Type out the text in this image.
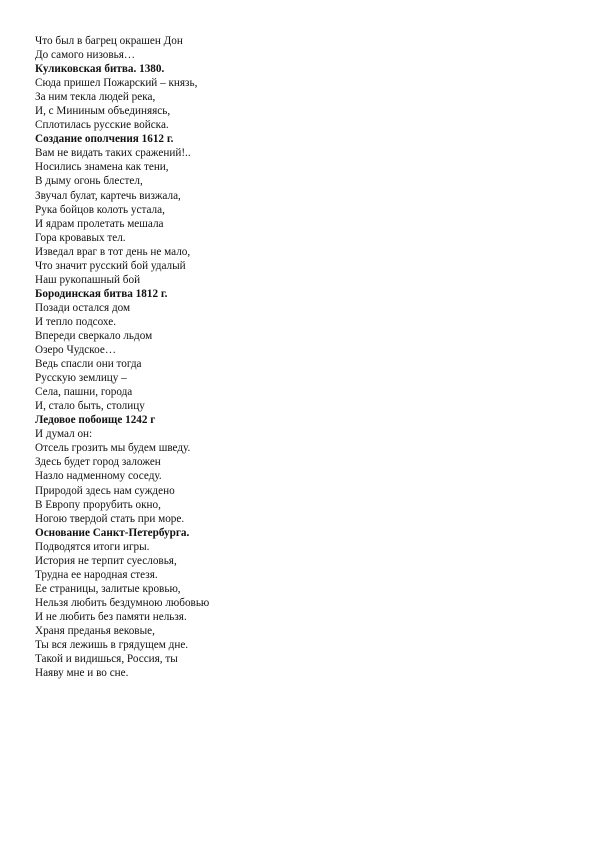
Что был в багрец окрашен Дон
До самого низовья…
Куликовская битва. 1380.
Сюда пришел Пожарский – князь,
За ним текла людей река,
И, с Мининым объединяясь,
Сплотилась русские войска.
Создание ополчения 1612 г.
Вам не видать таких сражений!..
Носились знамена как тени,
В дыму огонь блестел,
Звучал булат, картечь визжала,
Рука бойцов колоть устала,
И ядрам пролетать мешала
Гора кровавых тел.
Изведал враг в тот день не мало,
Что значит русский бой удалый
Наш рукопашный бой
Бородинская битва 1812 г.
Позади остался дом
И тепло подсохе.
Впереди сверкало льдом
Озеро Чудское…
Ведь спасли они тогда
Русскую землицу –
Села, пашни, города
И, стало быть, столицу
Ледовое побоище 1242 г
И думал он:
Отсель грозить мы будем шведу.
Здесь будет город заложен
Назло надменному соседу.
Природой здесь нам суждено
В Европу прорубить окно,
Ногою твердой стать при море.
Основание Санкт-Петербурга.
Подводятся итоги игры.
История не терпит суесловья,
Трудна ее народная стезя.
Ее страницы, залитые кровью,
Нельзя любить бездумною любовью
И не любить без памяти нельзя.
Храня преданья вековые,
Ты вся лежишь в грядущем дне.
Такой и видишься, Россия, ты
Наяву мне и во сне.
